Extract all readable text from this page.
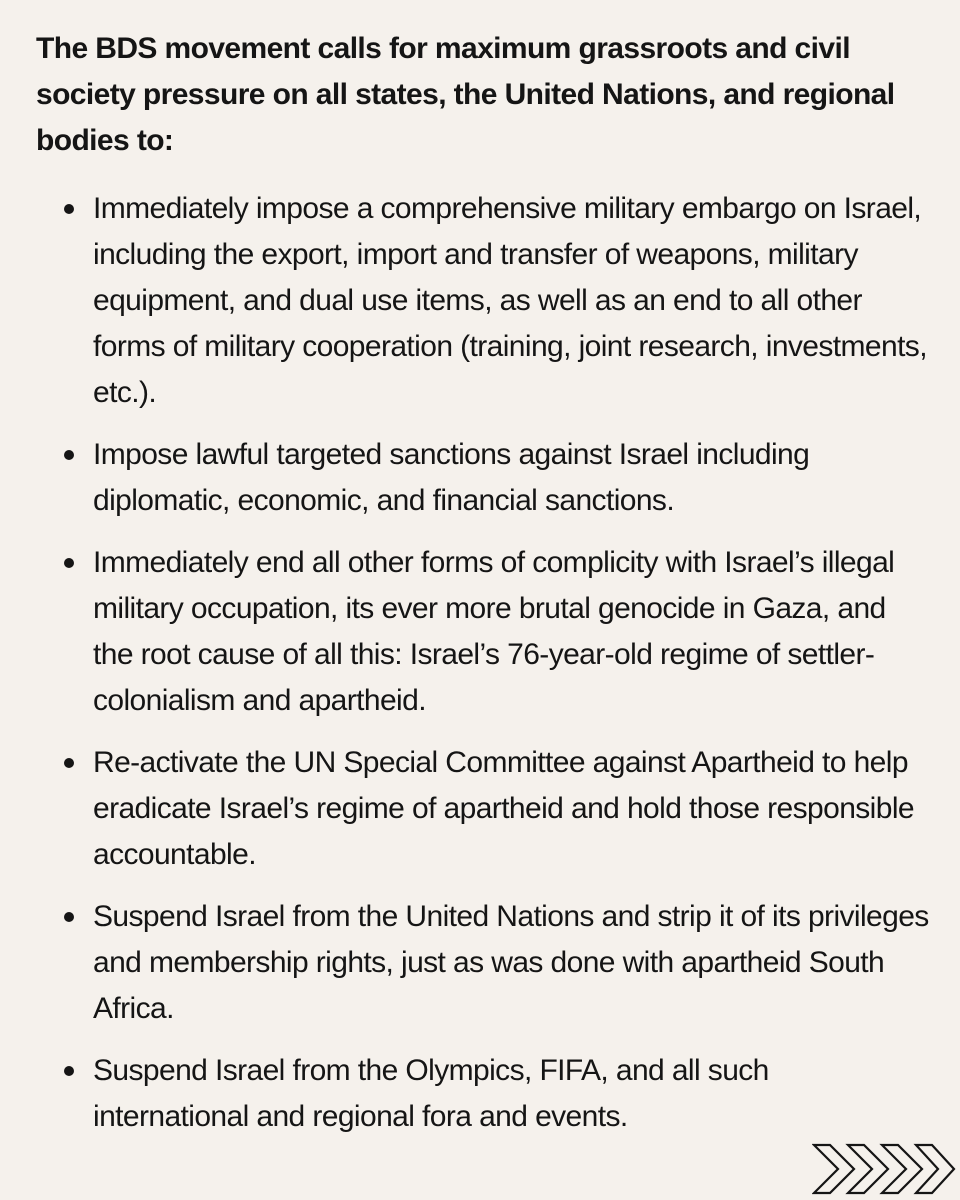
The BDS movement calls for maximum grassroots and civil society pressure on all states, the United Nations, and regional bodies to:

Immediately impose a comprehensive military embargo on Israel, including the export, import and transfer of weapons, military equipment, and dual use items, as well as an end to all other forms of military cooperation (training, joint research, investments, etc.).
Impose lawful targeted sanctions against Israel including diplomatic, economic, and financial sanctions.
Immediately end all other forms of complicity with Israel’s illegal military occupation, its ever more brutal genocide in Gaza, and the root cause of all this: Israel’s 76-year-old regime of settler-colonialism and apartheid.
Re-activate the UN Special Committee against Apartheid to help eradicate Israel’s regime of apartheid and hold those responsible accountable.
Suspend Israel from the United Nations and strip it of its privileges and membership rights, just as was done with apartheid South Africa.
Suspend Israel from the Olympics, FIFA, and all such international and regional fora and events.
